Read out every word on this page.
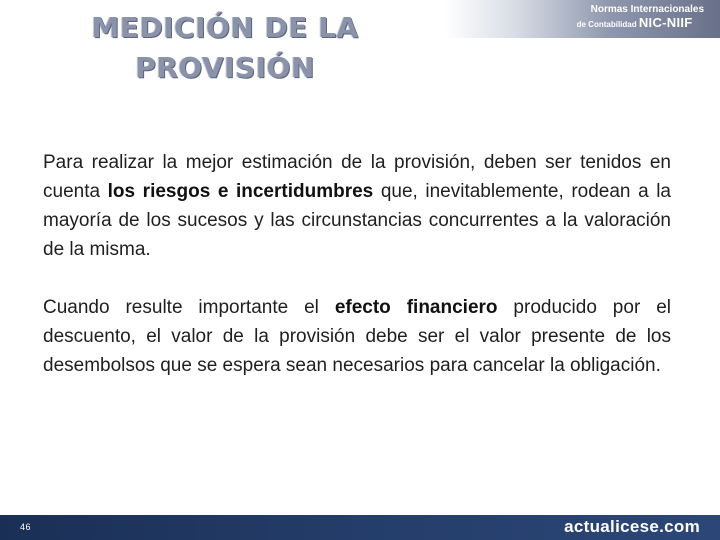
MEDICIÓN DE LA
PROVISIÓN
Normas Internacionales
de Contabilidad NIC-NIIF

Para realizar la mejor estimación de la provisión, deben ser tenidos en cuenta los riesgos e incertidumbres que, inevitablemente, rodean a la mayoría de los sucesos y las circunstancias concurrentes a la valoración de la misma.

Cuando resulte importante el efecto financiero producido por el descuento, el valor de la provisión debe ser el valor presente de los desembolsos que se espera sean necesarios para cancelar la obligación.

46	actualicese.com
